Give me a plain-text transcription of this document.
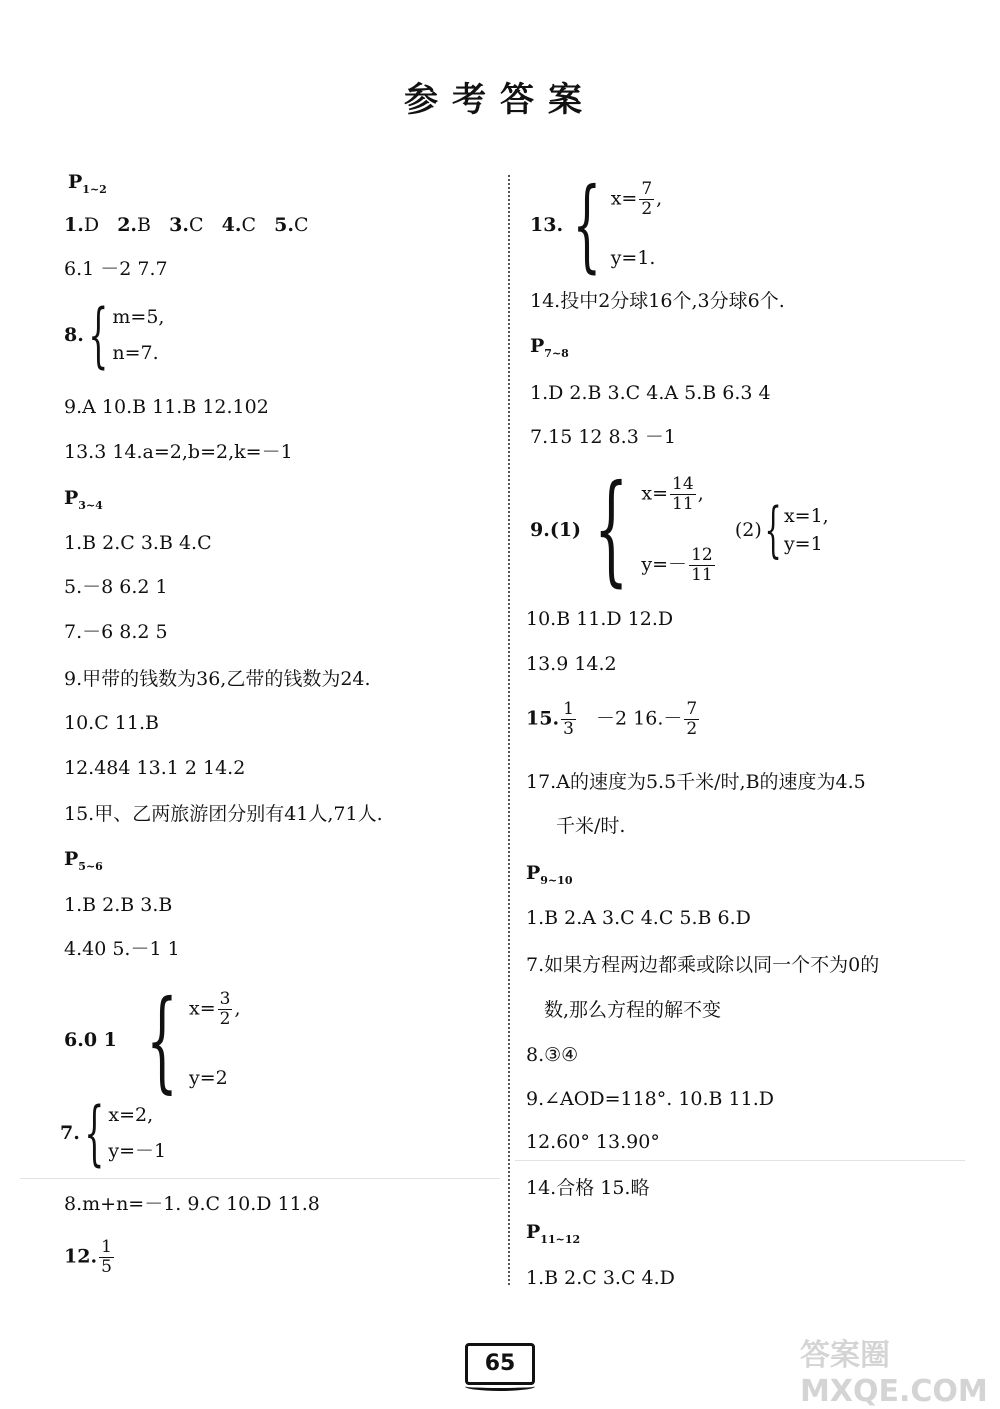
参考答案
$P_{1\sim 2}$
1.D 2.B 3.C 4.C 5.C
6.1 －2 7.7
8. { m=5,
n=7.
9.A 10.B 11.B 12.102
13.3 14.a=2,b=2,k=－1
$P_{3\sim 4}$
1.B 2.C 3.B 4.C
5.－8 6.2 1
7.－6 8.2 5
9.甲带的钱数为36,乙带的钱数为24.
10.C 11.B
12.484 13.1 2 14.2
15.甲、乙两旅游团分别有41人,71人.
$P_{5\sim 6}$
1.B 2.B 3.B
4.40 5.－1 1
6.0 1
{ $x= \frac{3}{2}$ ,
y=2
7. { x=2,
y=－1
8.m+n=－1. 9.C 10.D 11.8
12. $\frac{1}{5}$
13. { $x= \frac{7}{2}$ ,
y=1.
14.投中2分球16个,3分球6个.
$P_{7\sim 8}$
1.D 2.B 3.C 4.A 5.B 6.3 4
7.15 12 8.3 －1
9.(1) { $x= \frac{14}{11}$ ,
$y=- \frac{12}{11}$

(2) { x=1,
y=1
10.B 11.D 12.D
13.9 14.2
15. $\frac{1}{3} -2$ $16.- \frac{7}{2}$
17.A的速度为5.5千米/时,B的速度为4.5
千米/时.
$P_{9\sim 10}$
1.B 2.A 3.C 4.C 5.B 6.D
7.如果方程两边都乘或除以同一个不为0的
数,那么方程的解不变
8.③④
9.∠AOD=118°. 10.B 11.D
12.60° 13.90°
14.合格 15.略
$P_{11\sim 12}$
1.B 2.C 3.C 4.D
65	答案圈 MXQE.COM
